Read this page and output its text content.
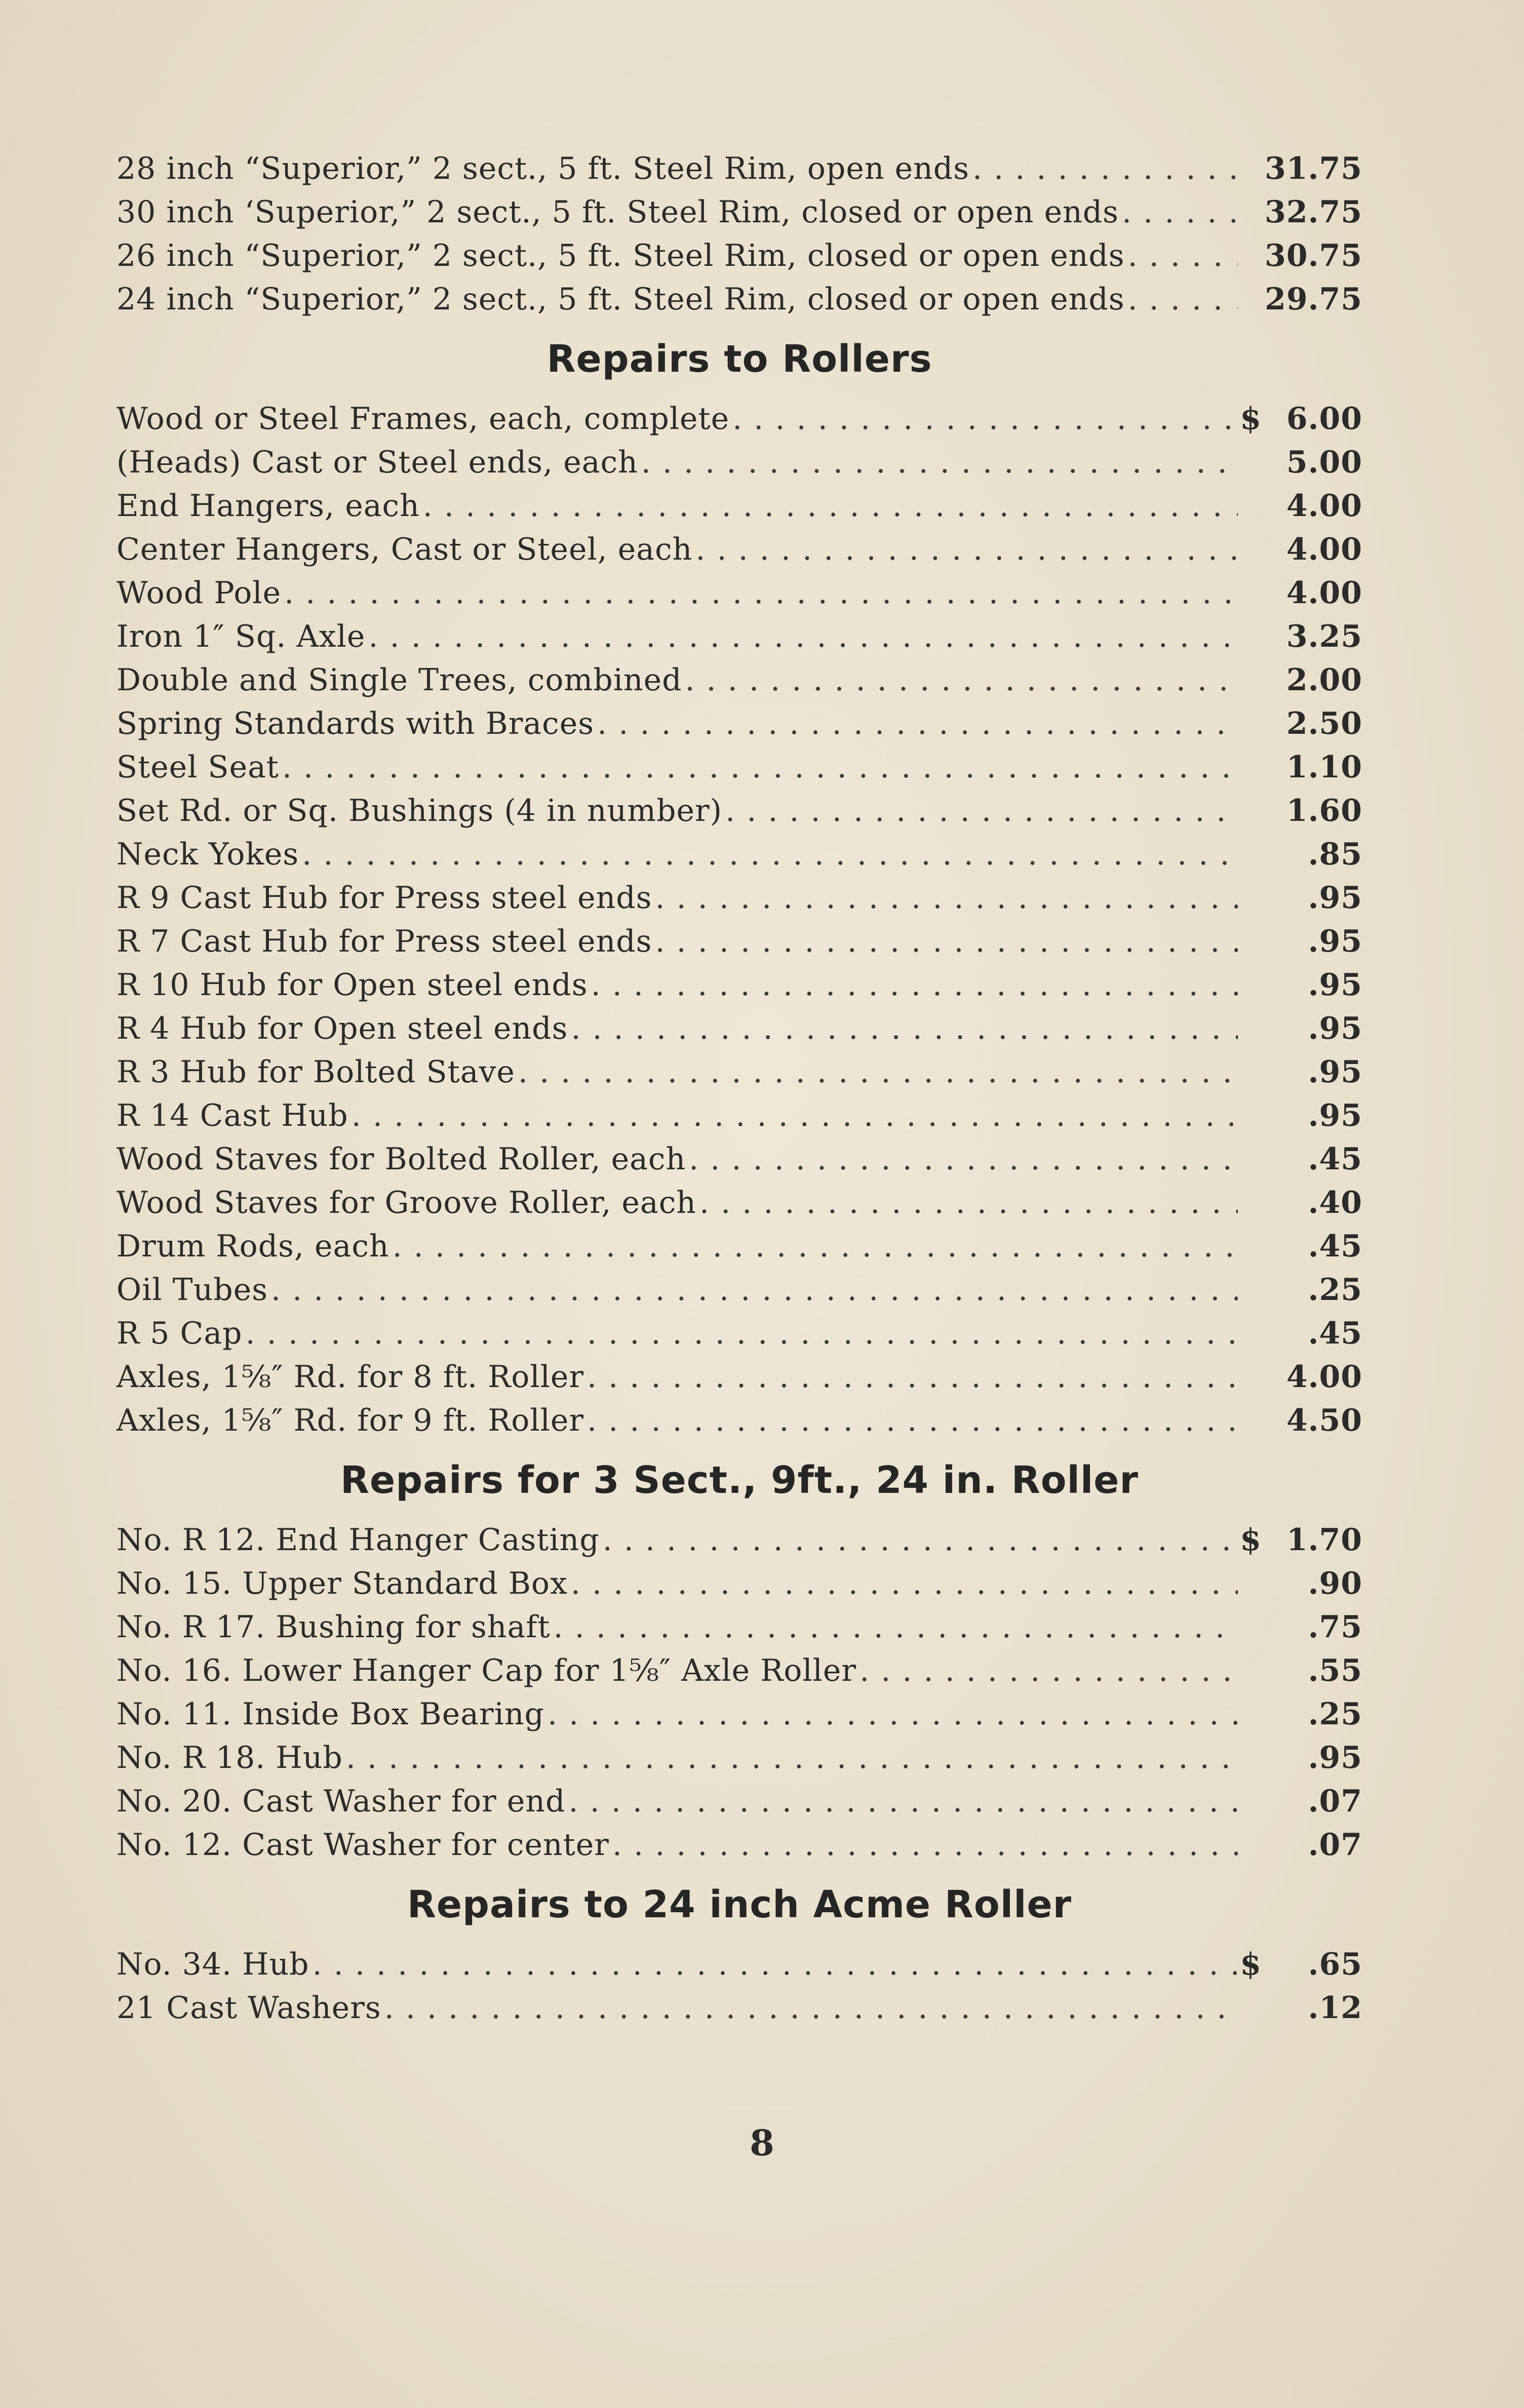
28 inch “Superior,” 2 sect., 5 ft. Steel Rim, open ends . . .	31.75
30 inch ‘Superior,” 2 sect., 5 ft. Steel Rim, closed or open ends . . .	32.75
26 inch “Superior,” 2 sect., 5 ft. Steel Rim, closed or open ends . . .	30.75
24 inch “Superior,” 2 sect., 5 ft. Steel Rim, closed or open ends . . .	29.75
Repairs to Rollers
Wood or Steel Frames, each, complete . . .	$ 6.00
(Heads) Cast or Steel ends, each . . .	5.00
End Hangers, each . . .	4.00
Center Hangers, Cast or Steel, each . . .	4.00
Wood Pole . . .	4.00
Iron 1″ Sq. Axle . . .	3.25
Double and Single Trees, combined . . .	2.00
Spring Standards with Braces . . .	2.50
Steel Seat . . .	1.10
Set Rd. or Sq. Bushings (4 in number) . . .	1.60
Neck Yokes . . .	.85
R 9 Cast Hub for Press steel ends . . .	.95
R 7 Cast Hub for Press steel ends . . .	.95
R 10 Hub for Open steel ends . . .	.95
R 4 Hub for Open steel ends . . .	.95
R 3 Hub for Bolted Stave . . .	.95
R 14 Cast Hub . . .	.95
Wood Staves for Bolted Roller, each . . .	.45
Wood Staves for Groove Roller, each . . .	.40
Drum Rods, each . . .	.45
Oil Tubes . . .	.25
R 5 Cap . . .	.45
Axles, 1⅝″ Rd. for 8 ft. Roller . . .	4.00
Axles, 1⅝″ Rd. for 9 ft. Roller . . .	4.50
Repairs for 3 Sect., 9ft., 24 in. Roller
No. R 12. End Hanger Casting . . .	$ 1.70
No. 15. Upper Standard Box . . .	.90
No. R 17. Bushing for shaft . . .	.75
No. 16. Lower Hanger Cap for 1⅝″ Axle Roller . . .	.55
No. 11. Inside Box Bearing . . .	.25
No. R 18. Hub . . .	.95
No. 20. Cast Washer for end . . .	.07
No. 12. Cast Washer for center . . .	.07
Repairs to 24 inch Acme Roller
No. 34. Hub . . .	$	.65
21 Cast Washers . . .	.12
8
